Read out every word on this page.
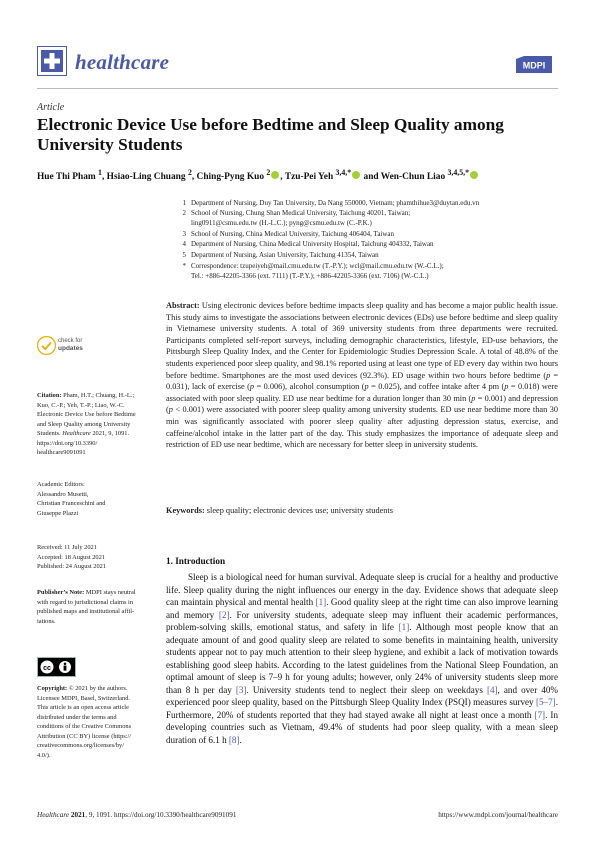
healthcare	MDPI
Article
Electronic Device Use before Bedtime and Sleep Quality among
University Students
Hue Thi Pham $^1$, Hsiao-Ling Chuang $^2$, Ching-Pyng Kuo $^2$ , Tzu-Pei Yeh $^{3,4,*}$ and Wen-Chun Liao $^{3,4,5,*}$
1 Department of Nursing, Duy Tan University, Da Nang 550000, Vietnam; phamthihue3@duytan.edu.vn
2 School of Nursing, Chung Shan Medical University, Taichung 40201, Taiwan;
ling0911@csmu.edu.tw (H.-L.C.); pyng@csmu.edu.tw (C.-P.K.)
3 School of Nursing, China Medical University, Taichung 406404, Taiwan
4 Department of Nursing, China Medical University Hospital, Taichung 404332, Taiwan
5 Department of Nursing, Asian University, Taichung 41354, Taiwan
* Correspondence: tzupeiyeh@mail.cmu.edu.tw (T.-P.Y.); wcl@mail.cmu.edu.tw (W.-C.L.);
Tel.: +886-42205-3366 (ext. 7111) (T.-P.Y.); +886-42205-3366 (ext. 7106) (W.-C.L.)
check for
updates
Citation: Pham, H.T.; Chuang, H.-L.;
Kuo, C.-P.; Yeh, T.-P.; Liao, W.-C.
Electronic Device Use before Bedtime
and Sleep Quality among University
Students. Healthcare 2021, 9, 1091.
https://doi.org/10.3390/
healthcare9091091
Academic Editors:
Alessandro Musetti,
Christian Franceschini and
Giuseppe Plazzi
Received: 11 July 2021
Accepted: 18 August 2021
Published: 24 August 2021
Publisher’s Note: MDPI stays neutral
with regard to jurisdictional claims in
published maps and institutional affil-
iations.
cc
Copyright: © 2021 by the authors.
Licensee MDPI, Basel, Switzerland.
This article is an open access article
distributed under the terms and
conditions of the Creative Commons
Attribution (CC BY) license (https://
creativecommons.org/licenses/by/
4.0/).
Abstract: Using electronic devices before bedtime impacts sleep quality and has become a major public health issue. This study aims to investigate the associations between electronic devices (EDs) use before bedtime and sleep quality in Vietnamese university students. A total of 369 university students from three departments were recruited. Participants completed self-report surveys, including demographic characteristics, lifestyle, ED-use behaviors, the Pittsburgh Sleep Quality Index, and the Center for Epidemiologic Studies Depression Scale. A total of 48.8% of the students experienced poor sleep quality, and 98.1% reported using at least one type of ED every day within two hours before bedtime. Smartphones are the most used devices (92.3%). ED usage within two hours before bedtime (p = 0.031), lack of exercise (p = 0.006), alcohol consumption (p = 0.025), and coffee intake after 4 pm (p = 0.018) were associated with poor sleep quality. ED use near bedtime for a duration longer than 30 min (p = 0.001) and depression (p < 0.001) were associated with poorer sleep quality among university students. ED use near bedtime more than 30 min was significantly associated with poorer sleep quality after adjusting depression status, exercise, and caffeine/alcohol intake in the latter part of the day. This study emphasizes the importance of adequate sleep and restriction of ED use near bedtime, which are necessary for better sleep in university students.
Keywords: sleep quality; electronic devices use; university students
1. Introduction
Sleep is a biological need for human survival. Adequate sleep is crucial for a healthy and productive life. Sleep quality during the night influences our energy in the day. Evidence shows that adequate sleep can maintain physical and mental health [1]. Good quality sleep at the right time can also improve learning and memory [2]. For university students, adequate sleep may influent their academic performances, problem-solving skills, emotional status, and safety in life [1]. Although most people know that an adequate amount of and good quality sleep are related to some benefits in maintaining health, university students appear not to pay much attention to their sleep hygiene, and exhibit a lack of motivation towards establishing good sleep habits. According to the latest guidelines from the National Sleep Foundation, an optimal amount of sleep is 7–9 h for young adults; however, only 24% of university students sleep more than 8 h per day [3]. University students tend to neglect their sleep on weekdays [4], and over 40% experienced poor sleep quality, based on the Pittsburgh Sleep Quality Index (PSQI) measures survey [5–7]. Furthermore, 20% of students reported that they had stayed awake all night at least once a month [7]. In developing countries such as Vietnam, 49.4% of students had poor sleep quality, with a mean sleep duration of 6.1 h [8].
Healthcare 2021, 9, 1091. https://doi.org/10.3390/healthcare9091091	https://www.mdpi.com/journal/healthcare
